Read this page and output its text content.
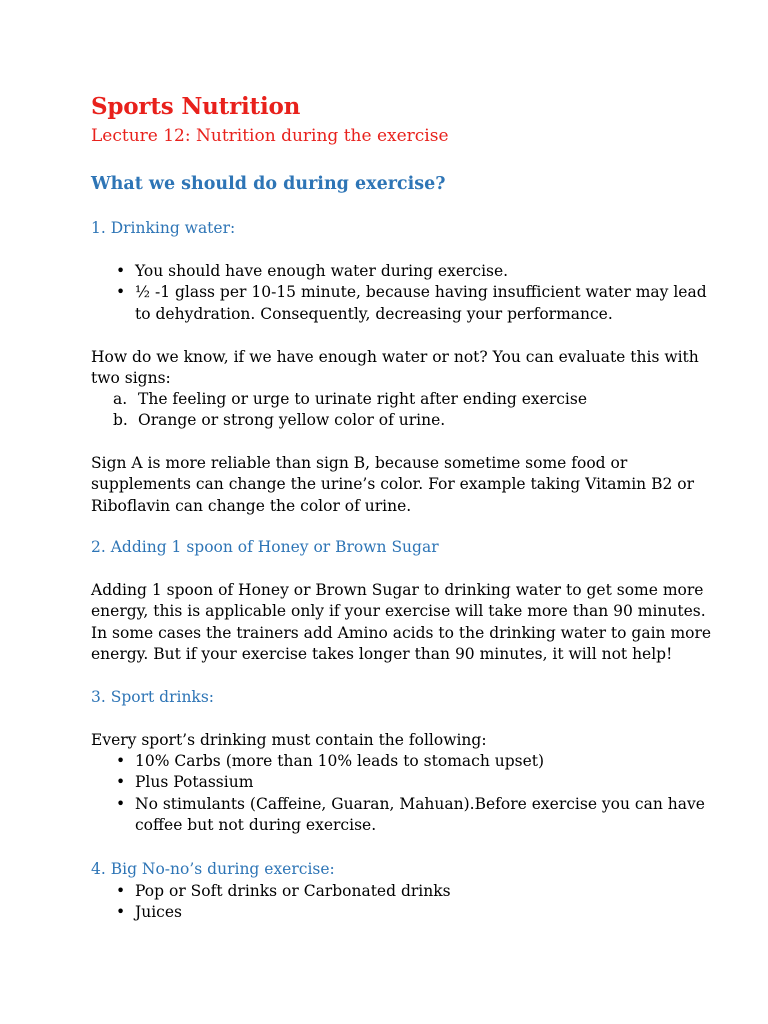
Sports Nutrition
Lecture 12: Nutrition during the exercise
What we should do during exercise?
1. Drinking water:
• You should have enough water during exercise.
• ½ -1 glass per 10-15 minute, because having insufficient water may lead
to dehydration. Consequently, decreasing your performance.
How do we know, if we have enough water or not? You can evaluate this with
two signs:
a. The feeling or urge to urinate right after ending exercise
b. Orange or strong yellow color of urine.
Sign A is more reliable than sign B, because sometime some food or
supplements can change the urine’s color. For example taking Vitamin B2 or
Riboflavin can change the color of urine.
2. Adding 1 spoon of Honey or Brown Sugar
Adding 1 spoon of Honey or Brown Sugar to drinking water to get some more
energy, this is applicable only if your exercise will take more than 90 minutes.
In some cases the trainers add Amino acids to the drinking water to gain more
energy. But if your exercise takes longer than 90 minutes, it will not help!
3. Sport drinks:
Every sport’s drinking must contain the following:
• 10% Carbs (more than 10% leads to stomach upset)
• Plus Potassium
• No stimulants (Caffeine, Guaran, Mahuan).Before exercise you can have
coffee but not during exercise.
4. Big No-no’s during exercise:
• Pop or Soft drinks or Carbonated drinks
• Juices
